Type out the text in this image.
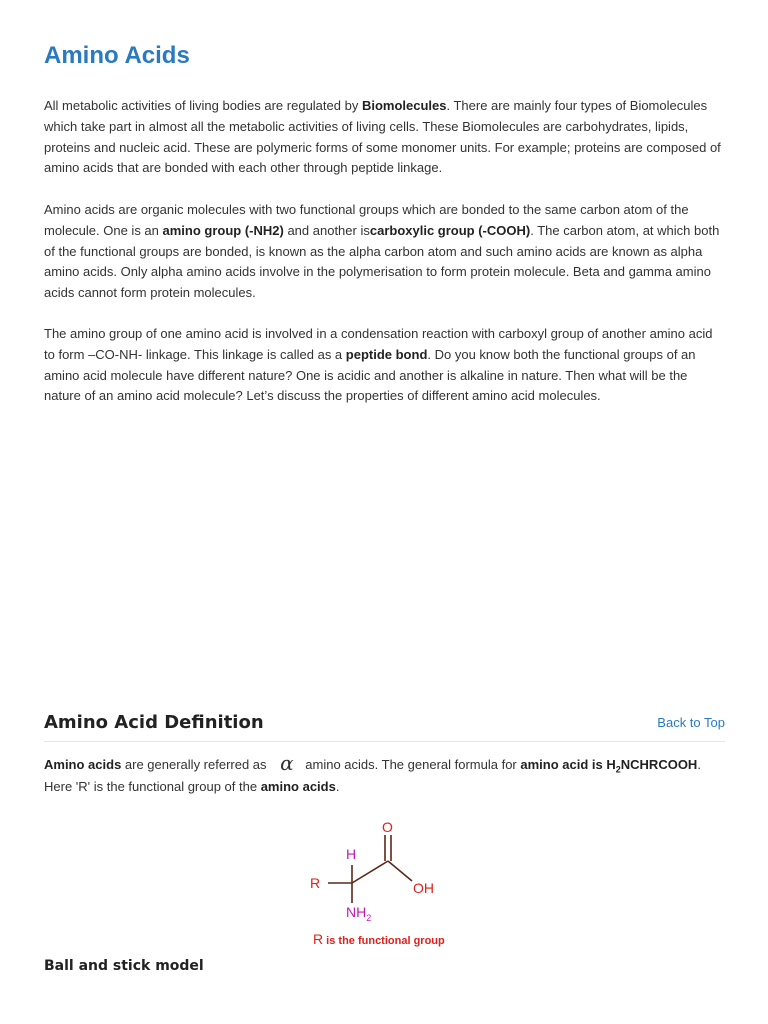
Amino Acids

All metabolic activities of living bodies are regulated by Biomolecules. There are mainly four types of Biomolecules which take part in almost all the metabolic activities of living cells. These Biomolecules are carbohydrates, lipids, proteins and nucleic acid. These are polymeric forms of some monomer units. For example; proteins are composed of amino acids that are bonded with each other through peptide linkage.

Amino acids are organic molecules with two functional groups which are bonded to the same carbon atom of the molecule. One is an amino group (-NH2) and another iscarboxylic group (-COOH). The carbon atom, at which both of the functional groups are bonded, is known as the alpha carbon atom and such amino acids are known as alpha amino acids. Only alpha amino acids involve in the polymerisation to form protein molecule. Beta and gamma amino acids cannot form protein molecules.

The amino group of one amino acid is involved in a condensation reaction with carboxyl group of another amino acid to form –CO-NH- linkage. This linkage is called as a peptide bond. Do you know both the functional groups of an amino acid molecule have different nature? One is acidic and another is alkaline in nature. Then what will be the nature of an amino acid molecule? Let’s discuss the properties of different amino acid molecules.

Amino Acid Definition	Back to Top

Amino acids are generally referred as α amino acids. The general formula for amino acid is $H_2NCHRCOOH$.

Here 'R' is the functional group of the amino acids.

O
H
R	OH
$NH_2$
R is the functional group
Ball and stick model
